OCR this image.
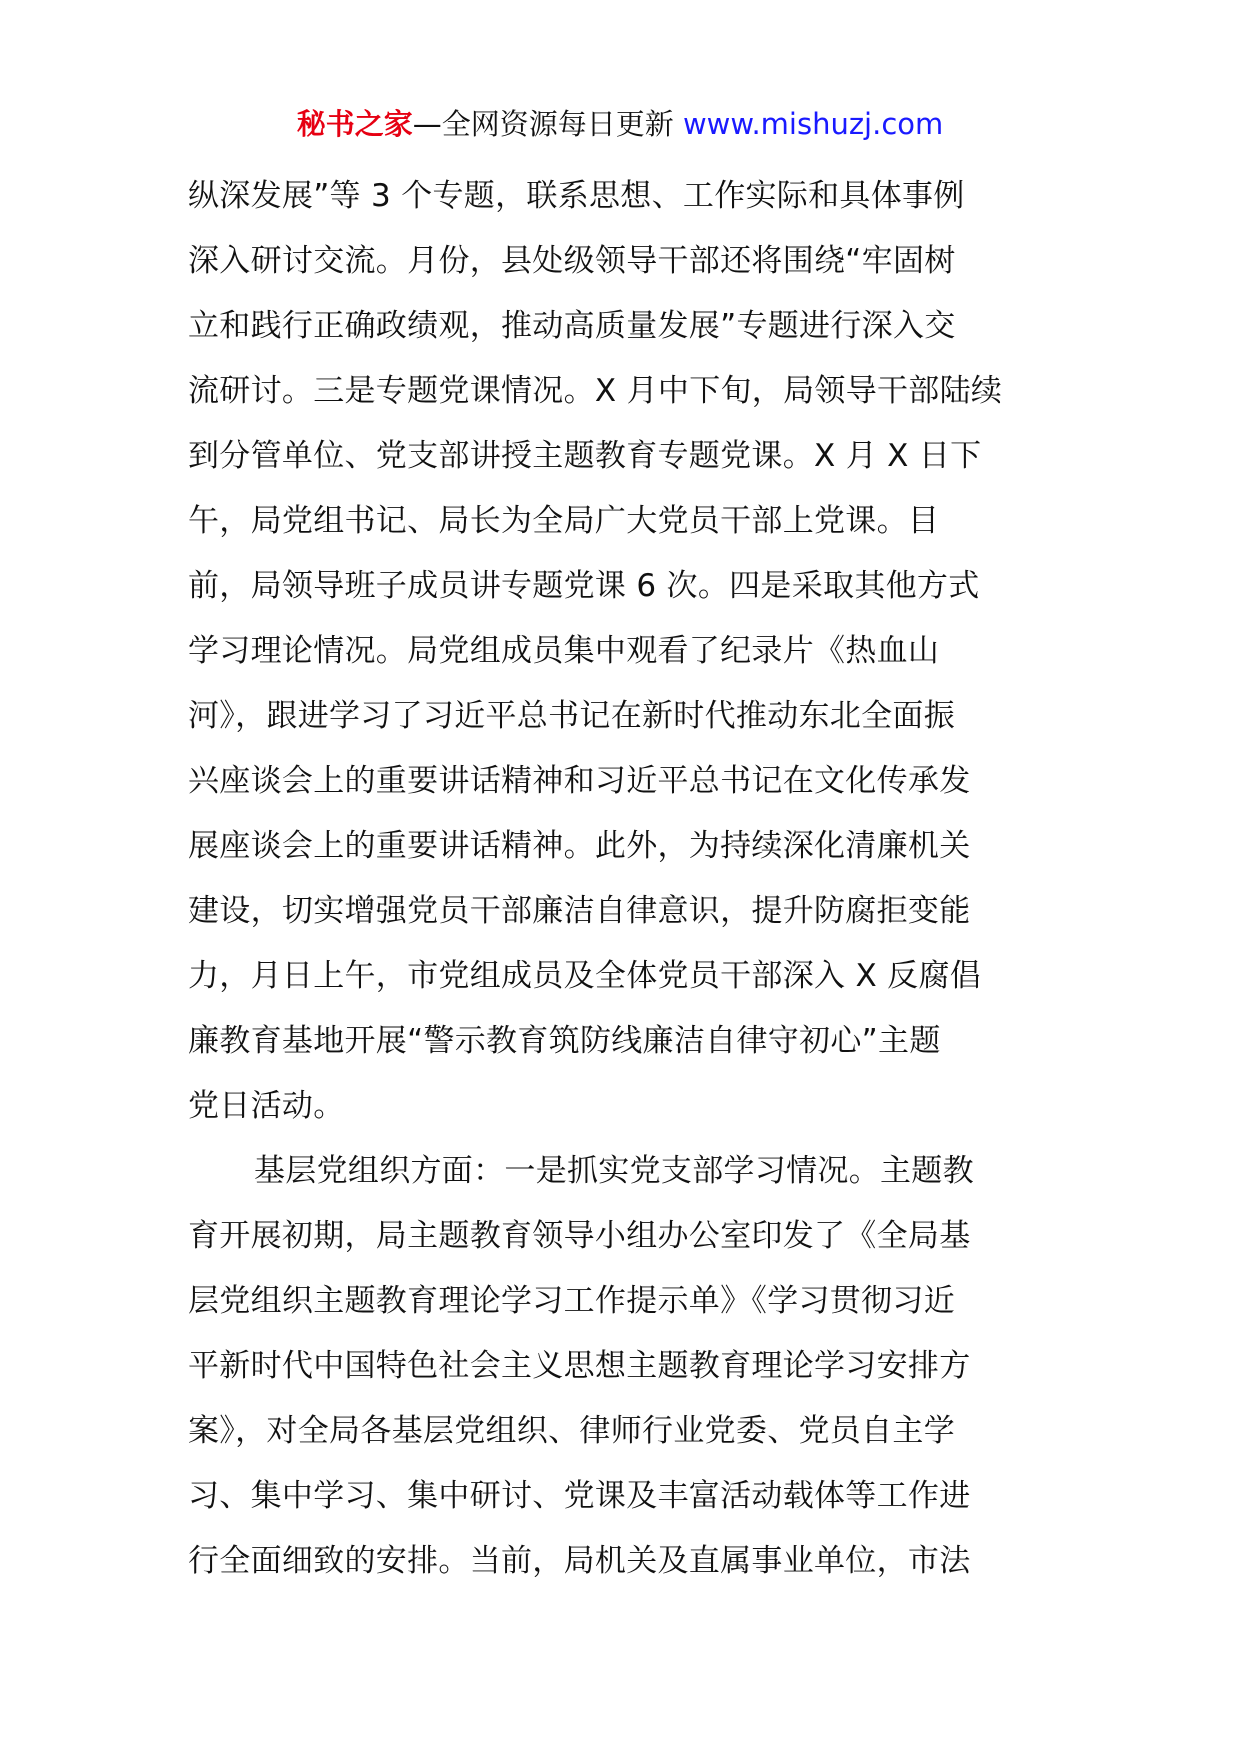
秘书之家—全网资源每日更新 www.mishuzj.com
纵深发展”等 3 个专题，联系思想、工作实际和具体事例
深入研讨交流。月份，县处级领导干部还将围绕“牢固树
立和践行正确政绩观，推动高质量发展”专题进行深入交
流研讨。三是专题党课情况。X 月中下旬，局领导干部陆续
到分管单位、党支部讲授主题教育专题党课。X 月 X 日下
午，局党组书记、局长为全局广大党员干部上党课。目
前，局领导班子成员讲专题党课 6 次。四是采取其他方式
学习理论情况。局党组成员集中观看了纪录片《热血山
河》，跟进学习了习近平总书记在新时代推动东北全面振
兴座谈会上的重要讲话精神和习近平总书记在文化传承发
展座谈会上的重要讲话精神。此外，为持续深化清廉机关
建设，切实增强党员干部廉洁自律意识，提升防腐拒变能
力，月日上午，市党组成员及全体党员干部深入 X 反腐倡
廉教育基地开展“警示教育筑防线廉洁自律守初心”主题
党日活动。
基层党组织方面：一是抓实党支部学习情况。主题教
育开展初期，局主题教育领导小组办公室印发了《全局基
层党组织主题教育理论学习工作提示单》《学习贯彻习近
平新时代中国特色社会主义思想主题教育理论学习安排方
案》，对全局各基层党组织、律师行业党委、党员自主学
习、集中学习、集中研讨、党课及丰富活动载体等工作进
行全面细致的安排。当前，局机关及直属事业单位，市法
